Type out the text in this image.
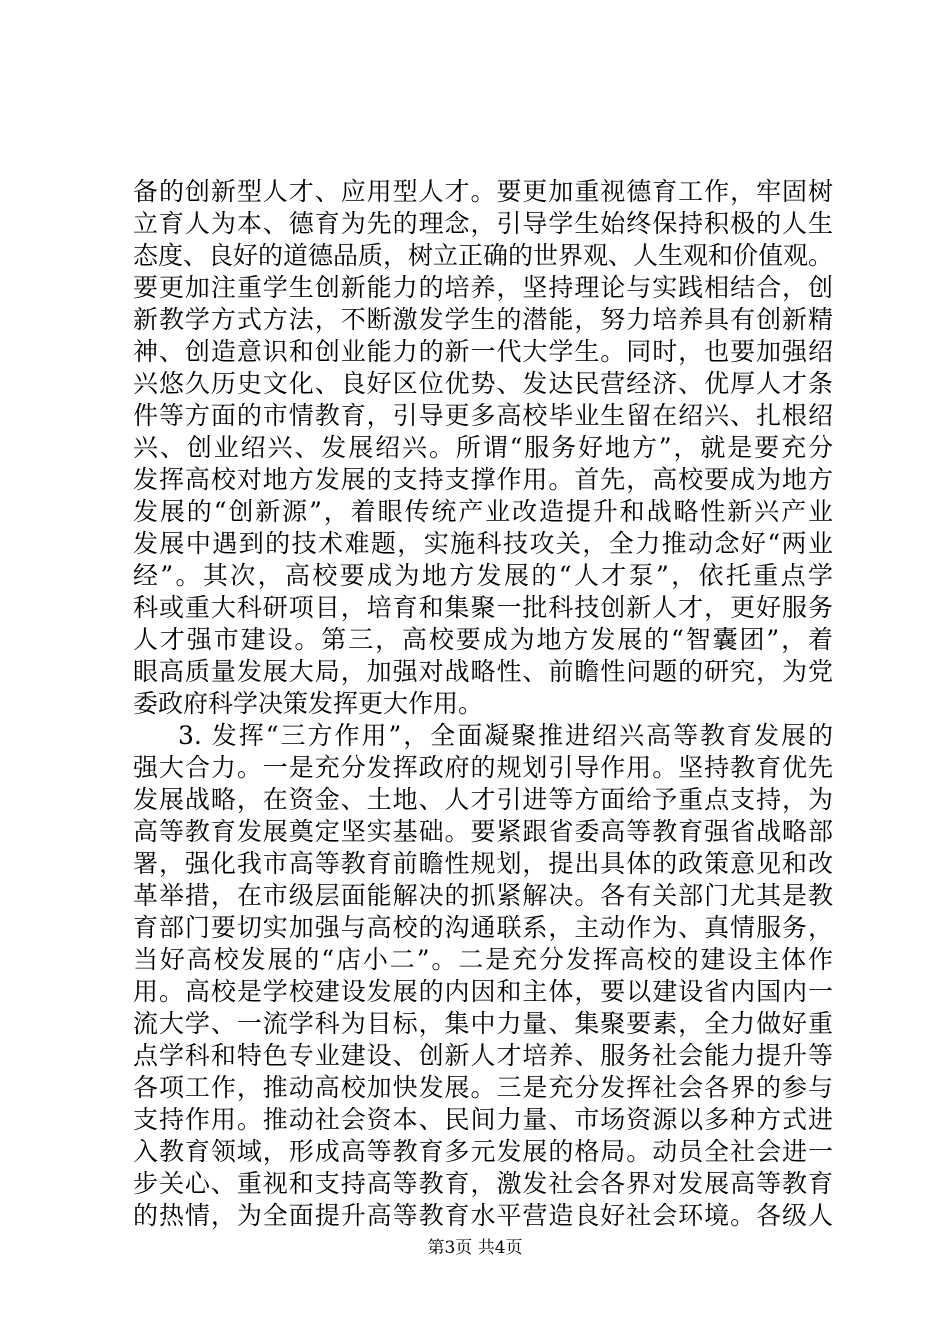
备的创新型人才、应用型人才。要更加重视德育工作，牢固树
立育人为本、德育为先的理念，引导学生始终保持积极的人生
态度、良好的道德品质，树立正确的世界观、人生观和价值观。
要更加注重学生创新能力的培养，坚持理论与实践相结合，创
新教学方式方法，不断激发学生的潜能，努力培养具有创新精
神、创造意识和创业能力的新一代大学生。同时，也要加强绍
兴悠久历史文化、良好区位优势、发达民营经济、优厚人才条
件等方面的市情教育，引导更多高校毕业生留在绍兴、扎根绍
兴、创业绍兴、发展绍兴。所谓“服务好地方”，就是要充分
发挥高校对地方发展的支持支撑作用。首先，高校要成为地方
发展的“创新源”，着眼传统产业改造提升和战略性新兴产业
发展中遇到的技术难题，实施科技攻关，全力推动念好“两业
经”。其次，高校要成为地方发展的“人才泵”，依托重点学
科或重大科研项目，培育和集聚一批科技创新人才，更好服务
人才强市建设。第三，高校要成为地方发展的“智囊团”，着
眼高质量发展大局，加强对战略性、前瞻性问题的研究，为党
委政府科学决策发挥更大作用。
3. 发挥“三方作用”，全面凝聚推进绍兴高等教育发展的
强大合力。一是充分发挥政府的规划引导作用。坚持教育优先
发展战略，在资金、土地、人才引进等方面给予重点支持，为
高等教育发展奠定坚实基础。要紧跟省委高等教育强省战略部
署，强化我市高等教育前瞻性规划，提出具体的政策意见和改
革举措，在市级层面能解决的抓紧解决。各有关部门尤其是教
育部门要切实加强与高校的沟通联系，主动作为、真情服务，
当好高校发展的“店小二”。二是充分发挥高校的建设主体作
用。高校是学校建设发展的内因和主体，要以建设省内国内一
流大学、一流学科为目标，集中力量、集聚要素，全力做好重
点学科和特色专业建设、创新人才培养、服务社会能力提升等
各项工作，推动高校加快发展。三是充分发挥社会各界的参与
支持作用。推动社会资本、民间力量、市场资源以多种方式进
入教育领域，形成高等教育多元发展的格局。动员全社会进一
步关心、重视和支持高等教育，激发社会各界对发展高等教育
的热情，为全面提升高等教育水平营造良好社会环境。各级人
第3页 共4页
